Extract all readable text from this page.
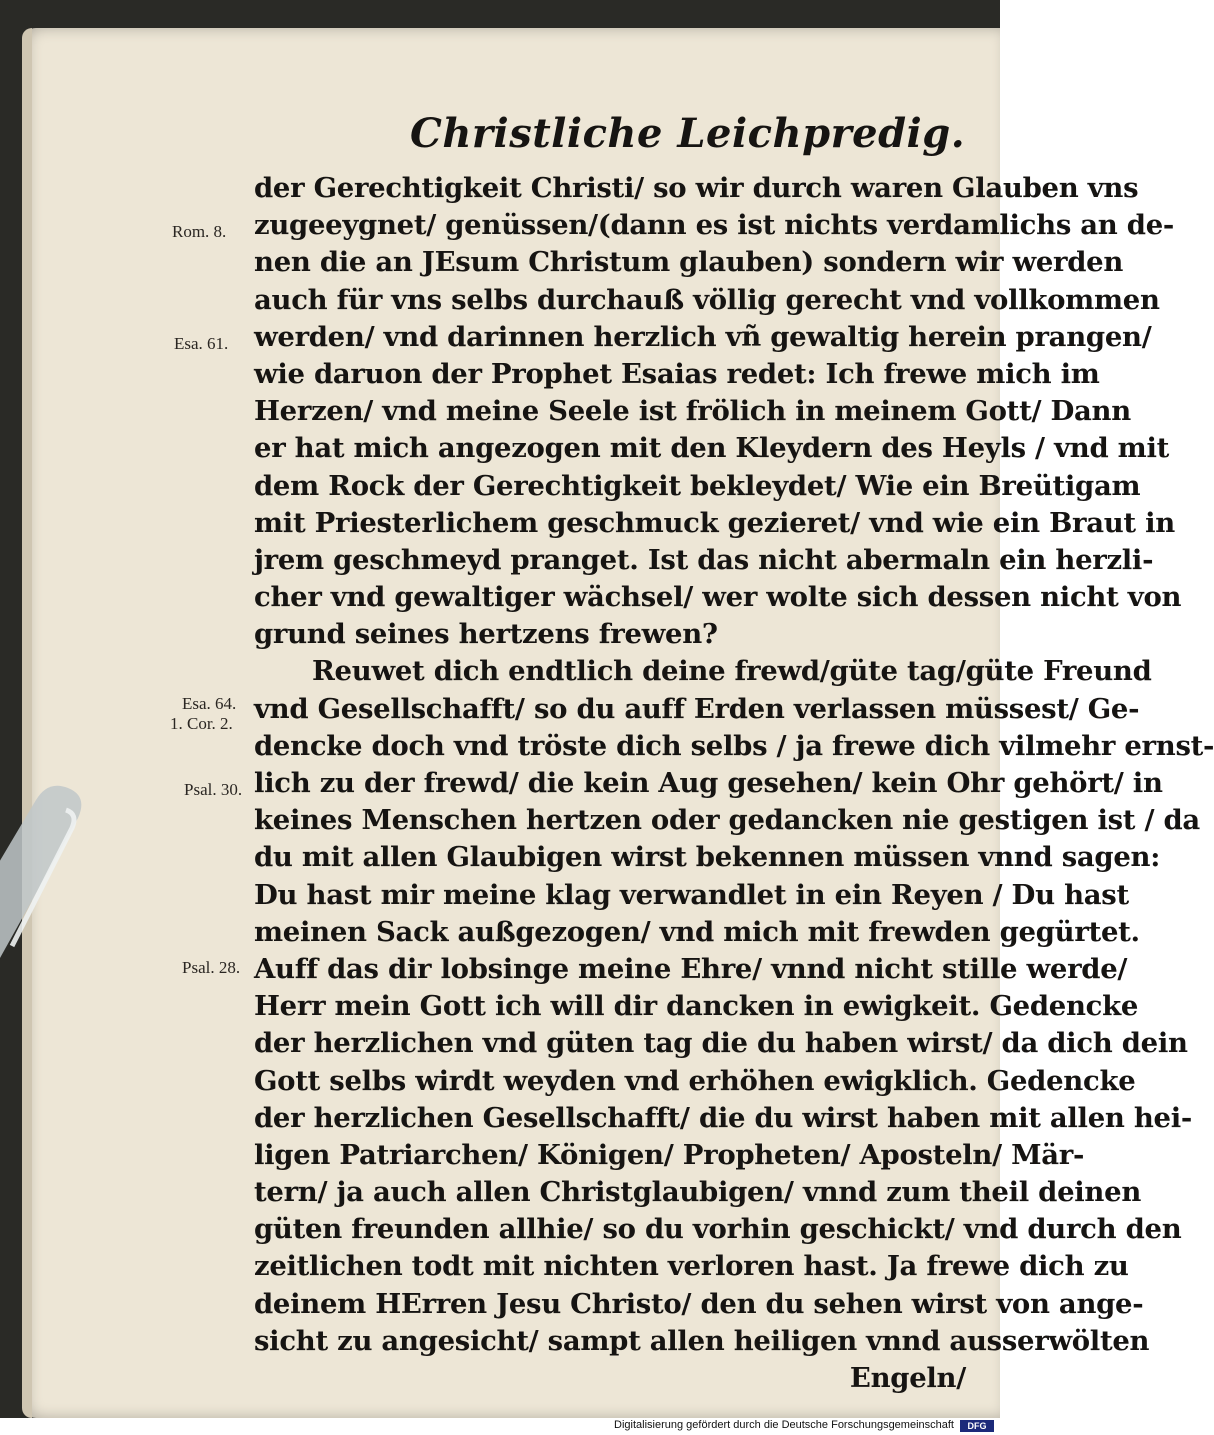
Christliche Leichpredig.
Rom. 8.
Esa. 61.
Esa. 64.
1. Cor. 2.
Psal. 30.
Psal. 28.
der Gerechtigkeit Christi/ so wir durch waren Glauben vns
zugeeygnet/ genüssen/(dann es ist nichts verdamlichs an de-
nen die an JEsum Christum glauben) sondern wir werden
auch für vns selbs durchauß völlig gerecht vnd vollkommen
werden/ vnd darinnen herzlich vñ gewaltig herein prangen/
wie daruon der Prophet Esaias redet: Ich frewe mich im
Herzen/ vnd meine Seele ist frölich in meinem Gott/ Dann
er hat mich angezogen mit den Kleydern des Heyls / vnd mit
dem Rock der Gerechtigkeit bekleydet/ Wie ein Breütigam
mit Priesterlichem geschmuck gezieret/ vnd wie ein Braut in
jrem geschmeyd pranget. Ist das nicht abermaln ein herzli-
cher vnd gewaltiger wächsel/ wer wolte sich dessen nicht von
grund seines hertzens frewen?
Reuwet dich endtlich deine frewd/güte tag/güte Freund
vnd Gesellschafft/ so du auff Erden verlassen müssest/ Ge-
dencke doch vnd tröste dich selbs / ja frewe dich vilmehr ernst-
lich zu der frewd/ die kein Aug gesehen/ kein Ohr gehört/ in
keines Menschen hertzen oder gedancken nie gestigen ist / da
du mit allen Glaubigen wirst bekennen müssen vnnd sagen:
Du hast mir meine klag verwandlet in ein Reyen / Du hast
meinen Sack außgezogen/ vnd mich mit frewden gegürtet.
Auff das dir lobsinge meine Ehre/ vnnd nicht stille werde/
Herr mein Gott ich will dir dancken in ewigkeit. Gedencke
der herzlichen vnd güten tag die du haben wirst/ da dich dein
Gott selbs wirdt weyden vnd erhöhen ewigklich. Gedencke
der herzlichen Gesellschafft/ die du wirst haben mit allen hei-
ligen Patriarchen/ Königen/ Propheten/ Aposteln/ Mär-
tern/ ja auch allen Christglaubigen/ vnnd zum theil deinen
güten freunden allhie/ so du vorhin geschickt/ vnd durch den
zeitlichen todt mit nichten verloren hast. Ja frewe dich zu
deinem HErren Jesu Christo/ den du sehen wirst von ange-
sicht zu angesicht/ sampt allen heiligen vnnd ausserwölten
Engeln/
Digitalisierung gefördert durch die Deutsche Forschungsgemeinschaft	DFG
